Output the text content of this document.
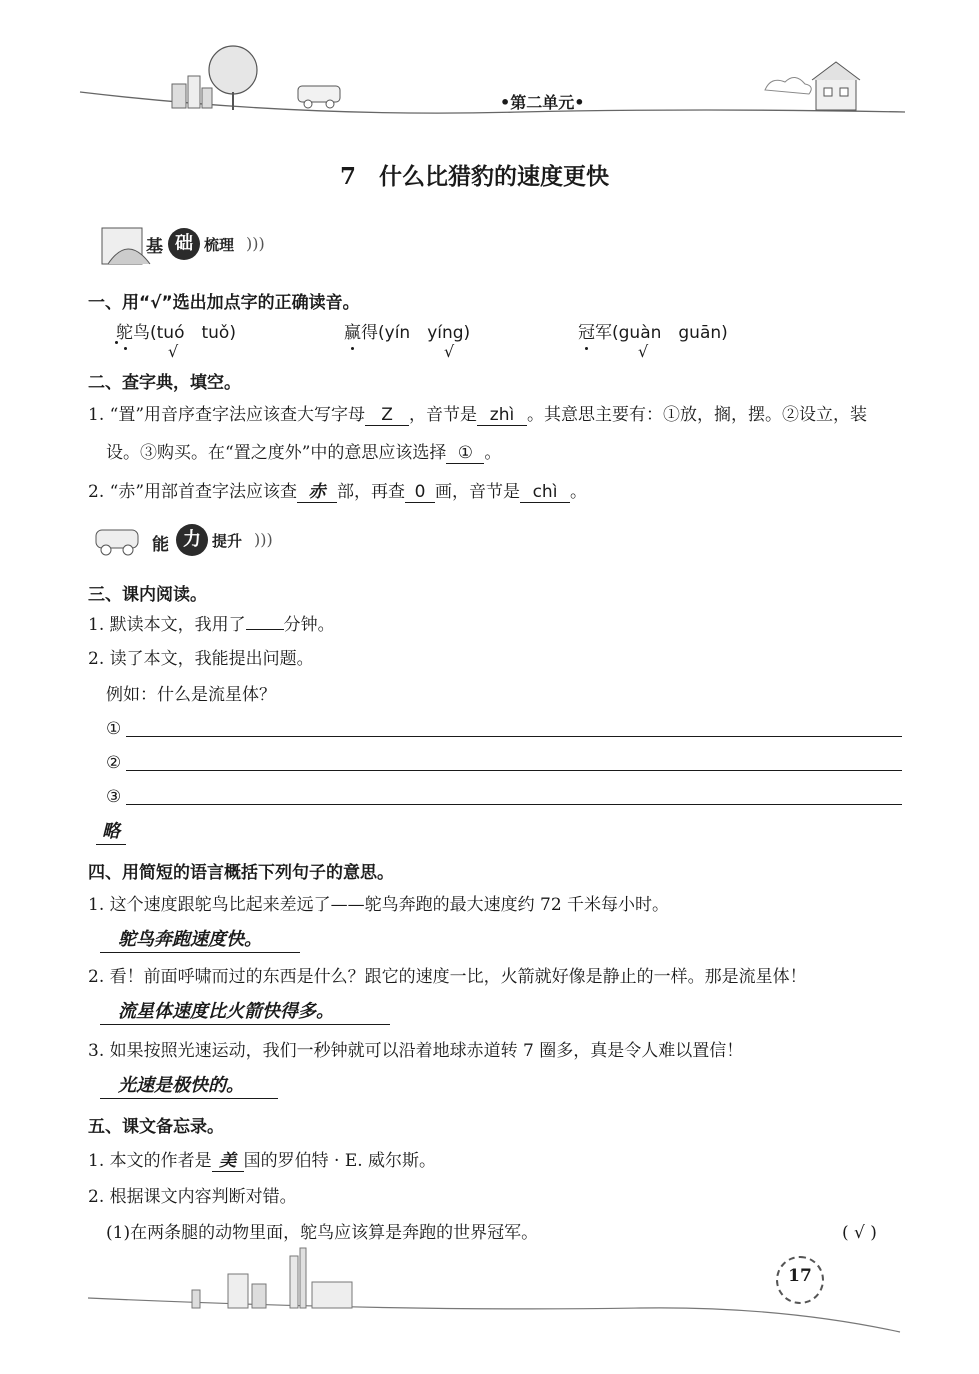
•第二单元•
7　什么比猎豹的速度更快
基 础 梳理 )))
一、用“√”选出加点字的正确读音。
鸵鸟(tuó　tuǒ)
√
赢得(yín　yíng)
√
冠军(guàn　guān)
√
二、查字典，填空。
1. “置”用音序查字法应该查大写字母 Z ，音节是 zhì 。其意思主要有：①放，搁，摆。②设立，装
设。③购买。在“置之度外”中的意思应该选择 ① 。
2. “赤”用部首查字法应该查 赤 部，再查 0 画，音节是 chì 。
能 力 提升 )))
三、课内阅读。
1. 默读本文，我用了 分钟。
2. 读了本文，我能提出问题。
例如：什么是流星体？
①
②
③
略
四、用简短的语言概括下列句子的意思。
1. 这个速度跟鸵鸟比起来差远了——鸵鸟奔跑的最大速度约 72 千米每小时。
鸵鸟奔跑速度快。
2. 看！前面呼啸而过的东西是什么？跟它的速度一比，火箭就好像是静止的一样。那是流星体！
流星体速度比火箭快得多。
3. 如果按照光速运动，我们一秒钟就可以沿着地球赤道转 7 圈多，真是令人难以置信！
光速是极快的。
五、课文备忘录。
1. 本文的作者是 美 国的罗伯特 · E. 威尔斯。
2. 根据课文内容判断对错。
(1)在两条腿的动物里面，鸵鸟应该算是奔跑的世界冠军。	( √ )
17
